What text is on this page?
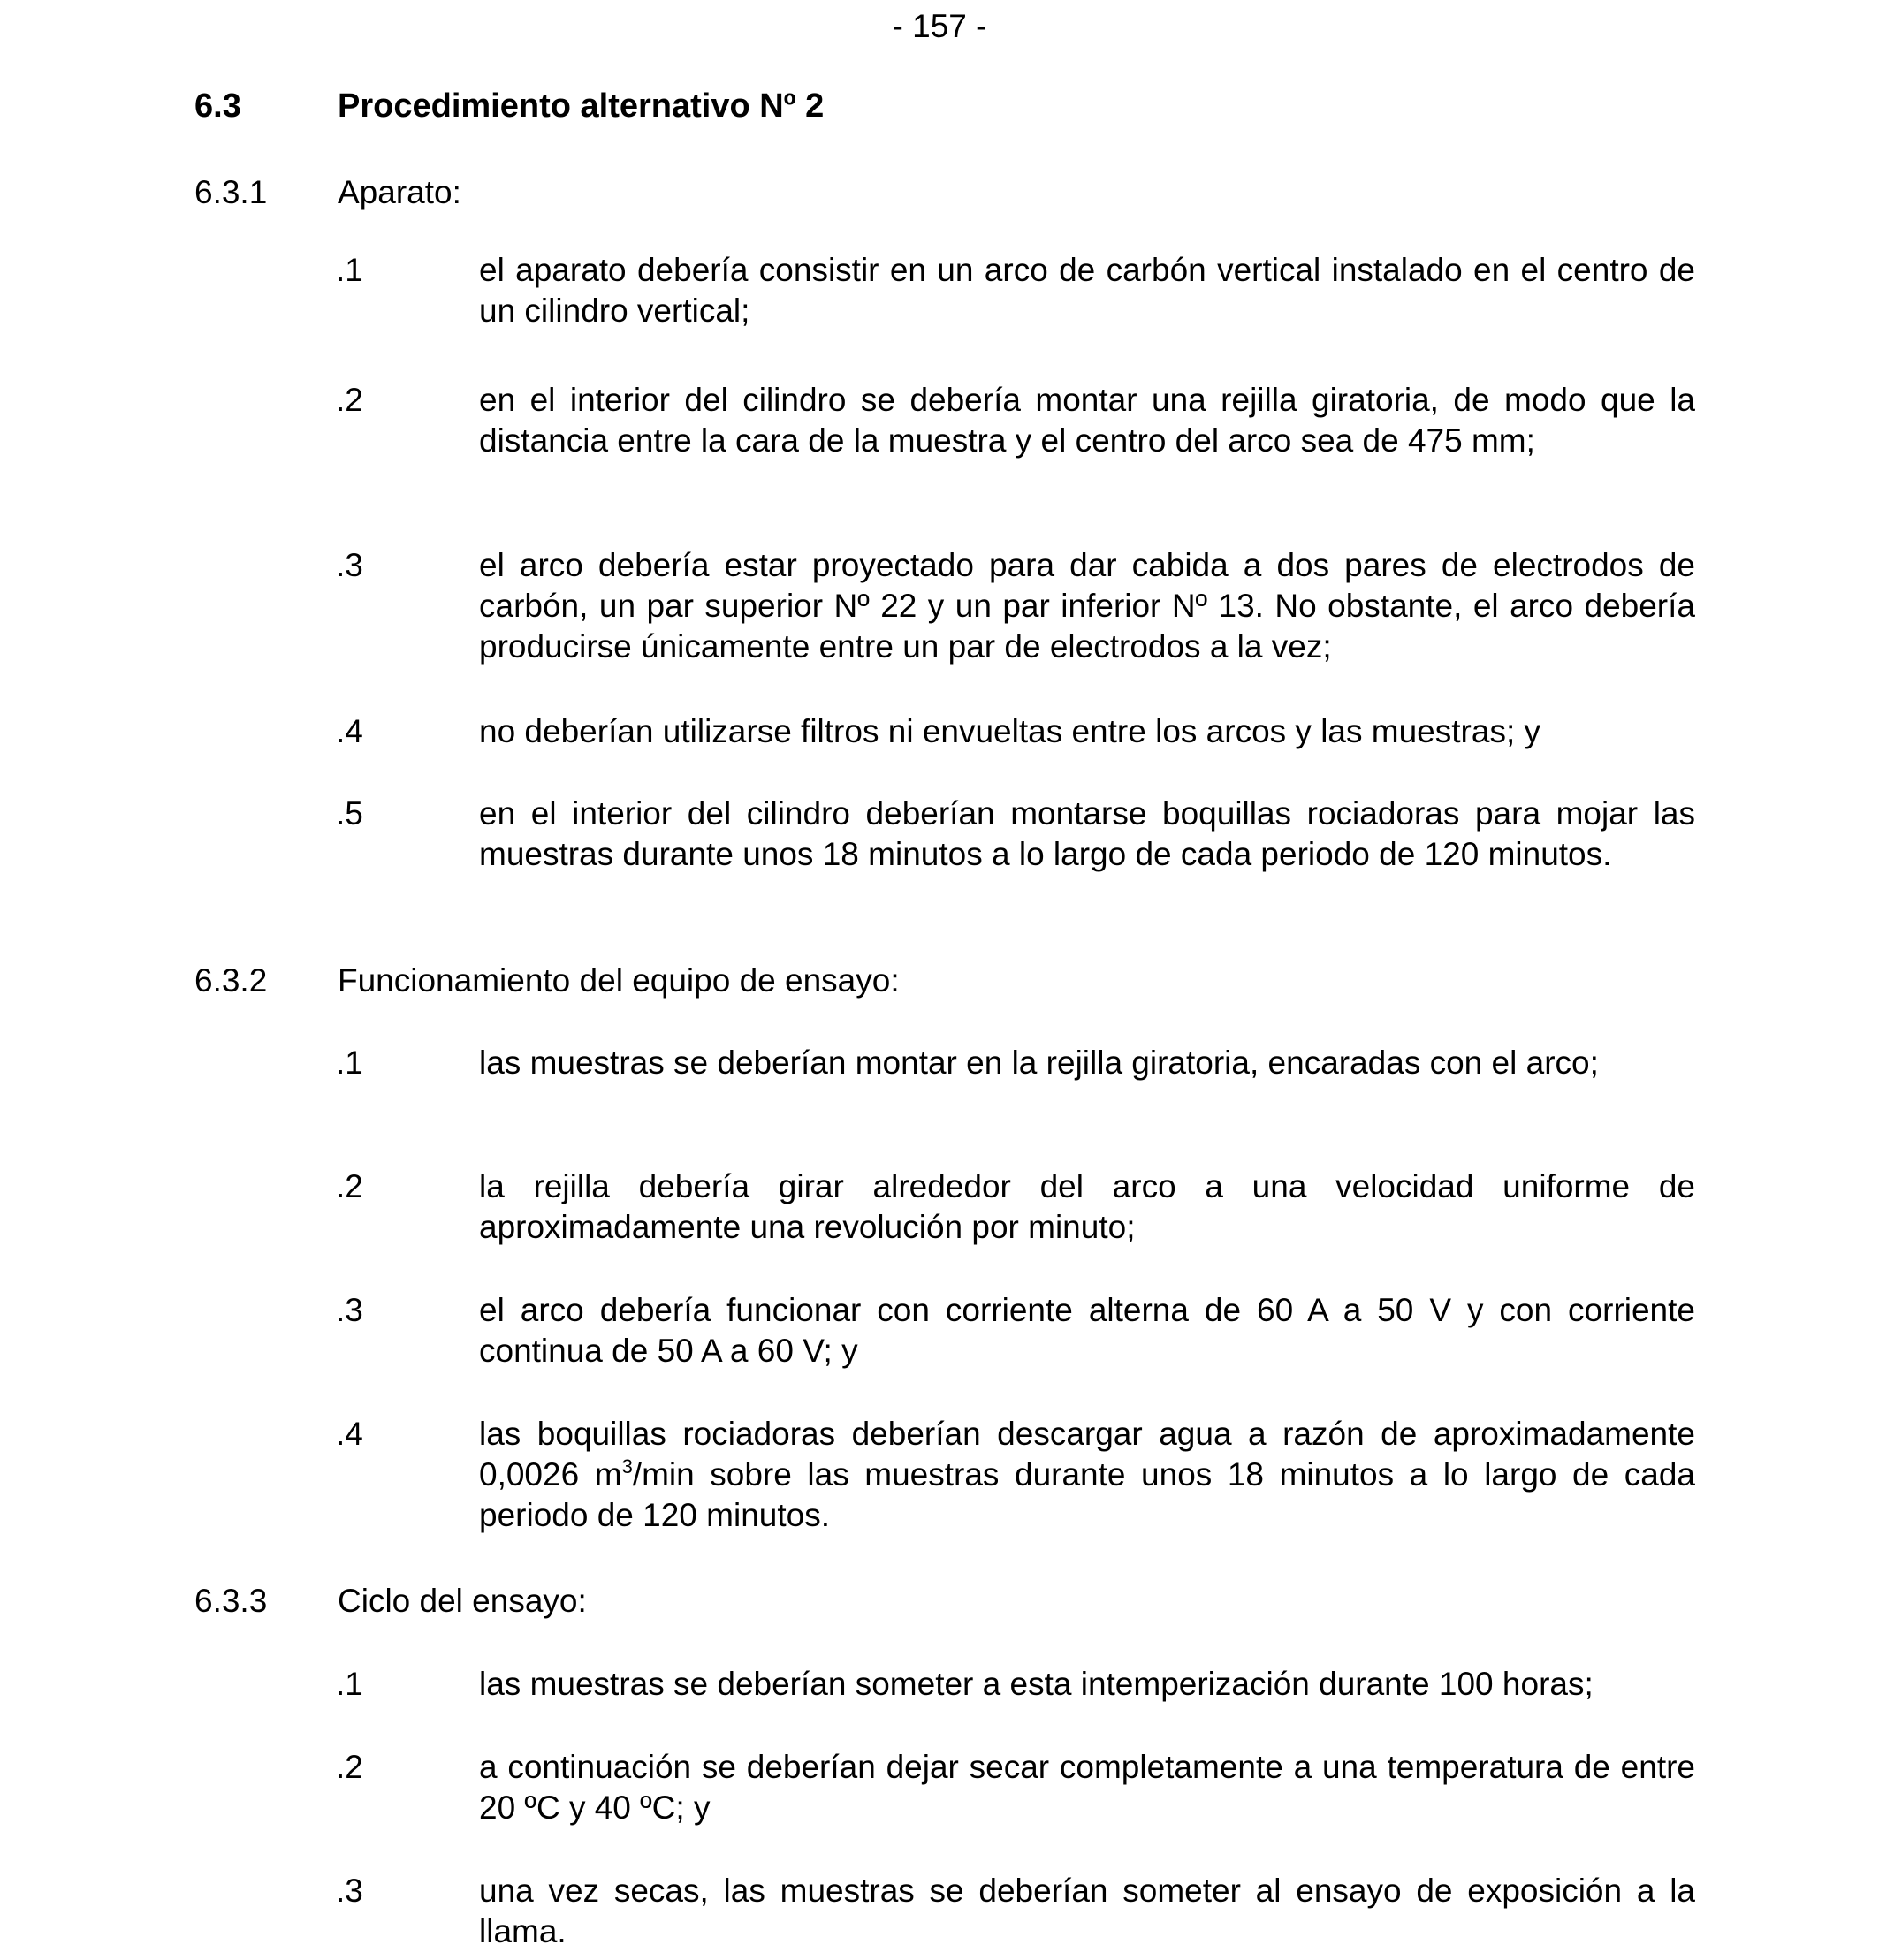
- 157 -
6.3	Procedimiento alternativo Nº 2
6.3.1 Aparato:
.1	el aparato debería consistir en un arco de carbón vertical instalado en el centro de un cilindro vertical;
.2	en el interior del cilindro se debería montar una rejilla giratoria, de modo que la distancia entre la cara de la muestra y el centro del arco sea de 475 mm;
.3	el arco debería estar proyectado para dar cabida a dos pares de electrodos de carbón, un par superior Nº 22 y un par inferior Nº 13. No obstante, el arco debería producirse únicamente entre un par de electrodos a la vez;
.4	no deberían utilizarse filtros ni envueltas entre los arcos y las muestras; y
.5	en el interior del cilindro deberían montarse boquillas rociadoras para mojar las muestras durante unos 18 minutos a lo largo de cada periodo de 120 minutos.
6.3.2 Funcionamiento del equipo de ensayo:
.1	las muestras se deberían montar en la rejilla giratoria, encaradas con el arco;
.2	la rejilla debería girar alrededor del arco a una velocidad uniforme de aproximadamente una revolución por minuto;
.3	el arco debería funcionar con corriente alterna de 60 A a 50 V y con corriente continua de 50 A a 60 V; y
.4	las boquillas rociadoras deberían descargar agua a razón de aproximadamente 0,0026 $m^3/\min$ sobre las muestras durante unos 18 minutos a lo largo de cada periodo de 120 minutos.
6.3.3 Ciclo del ensayo:
.1	las muestras se deberían someter a esta intemperización durante 100 horas;
.2	a continuación se deberían dejar secar completamente a una temperatura de entre 20 ºC y 40 ºC; y
.3	una vez secas, las muestras se deberían someter al ensayo de exposición a la llama.
